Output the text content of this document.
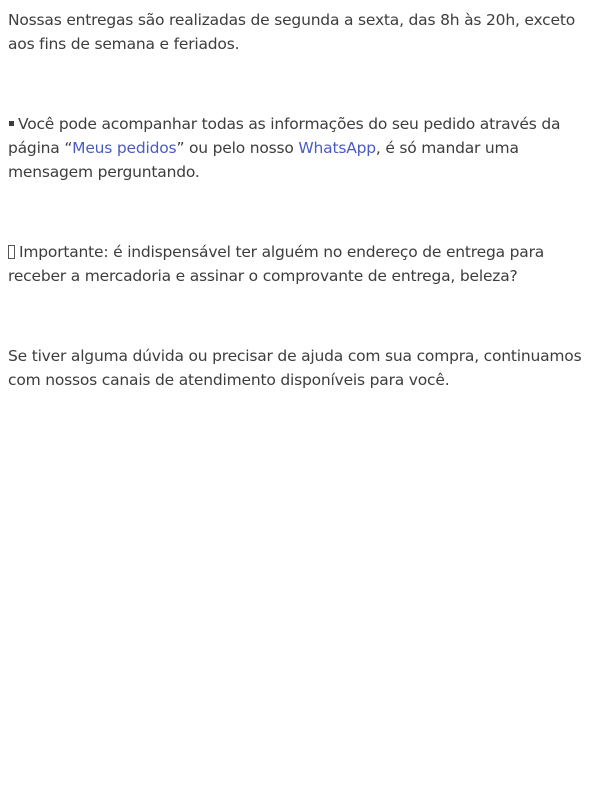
Nossas entregas são realizadas de segunda a sexta, das 8h às 20h, exceto aos fins de semana e feriados.

Você pode acompanhar todas as informações do seu pedido através da página “Meus pedidos” ou pelo nosso WhatsApp, é só mandar uma mensagem perguntando.

Importante: é indispensável ter alguém no endereço de entrega para receber a mercadoria e assinar o comprovante de entrega, beleza?

Se tiver alguma dúvida ou precisar de ajuda com sua compra, continuamos com nossos canais de atendimento disponíveis para você.
